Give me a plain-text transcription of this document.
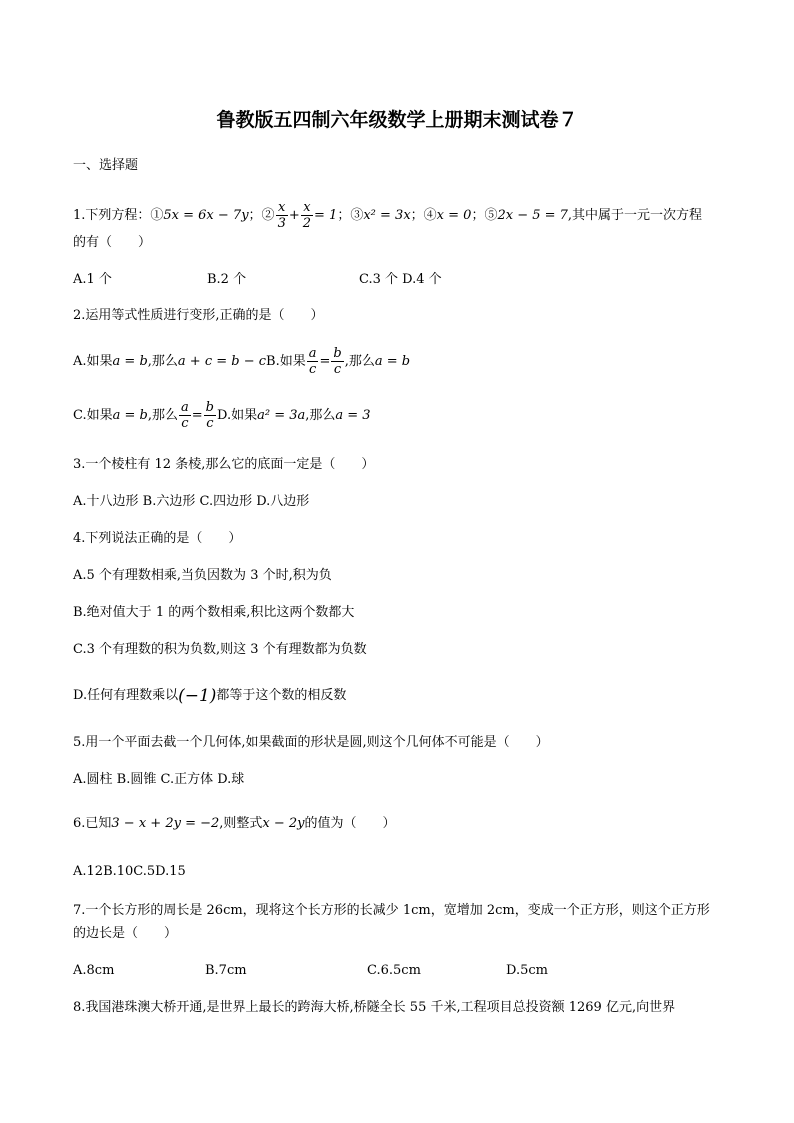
鲁教版五四制六年级数学上册期末测试卷７
一、选择题
1.下列方程：①5x = 6x − 7y；② $\frac{x}{3} + \frac{x}{2} = 1$；③x² = 3x；④x = 0；⑤2x − 5 = 7,其中属于一元一次方程
的有（　　）
A.1 个	B.2 个	C.3 个 D.4 个
2.运用等式性质进行变形,正确的是（　　）
A.如果a = b,那么a + c = b − cB.如果 $\frac{a}{c} = \frac{b}{c}$ ,那么a = b
C.如果a = b,那么 $\frac{a}{c} = \frac{b}{c} D$.如果a² = 3a,那么a = 3
3.一个棱柱有 12 条棱,那么它的底面一定是（　　）
A.十八边形 B.六边形 C.四边形 D.八边形
4.下列说法正确的是（　　）
A.5 个有理数相乘,当负因数为 3 个时,积为负
B.绝对值大于 1 的两个数相乘,积比这两个数都大
C.3 个有理数的积为负数,则这 3 个有理数都为负数
D.任何有理数乘以(−1)都等于这个数的相反数
5.用一个平面去截一个几何体,如果截面的形状是圆,则这个几何体不可能是（　　）
A.圆柱 B.圆锥 C.正方体 D.球
6.已知3 − x + 2y = −2,则整式x − 2y的值为（　　）
A.12B.10C.5D.15
7.一个长方形的周长是 26cm，现将这个长方形的长减少 1cm，宽增加 2cm，变成一个正方形，则这个正方形
的边长是（　　）
A.8cm	B.7cm	C.6.5cm	D.5cm
8.我国港珠澳大桥开通,是世界上最长的跨海大桥,桥隧全长 55 千米,工程项目总投资额 1269 亿元,向世界
